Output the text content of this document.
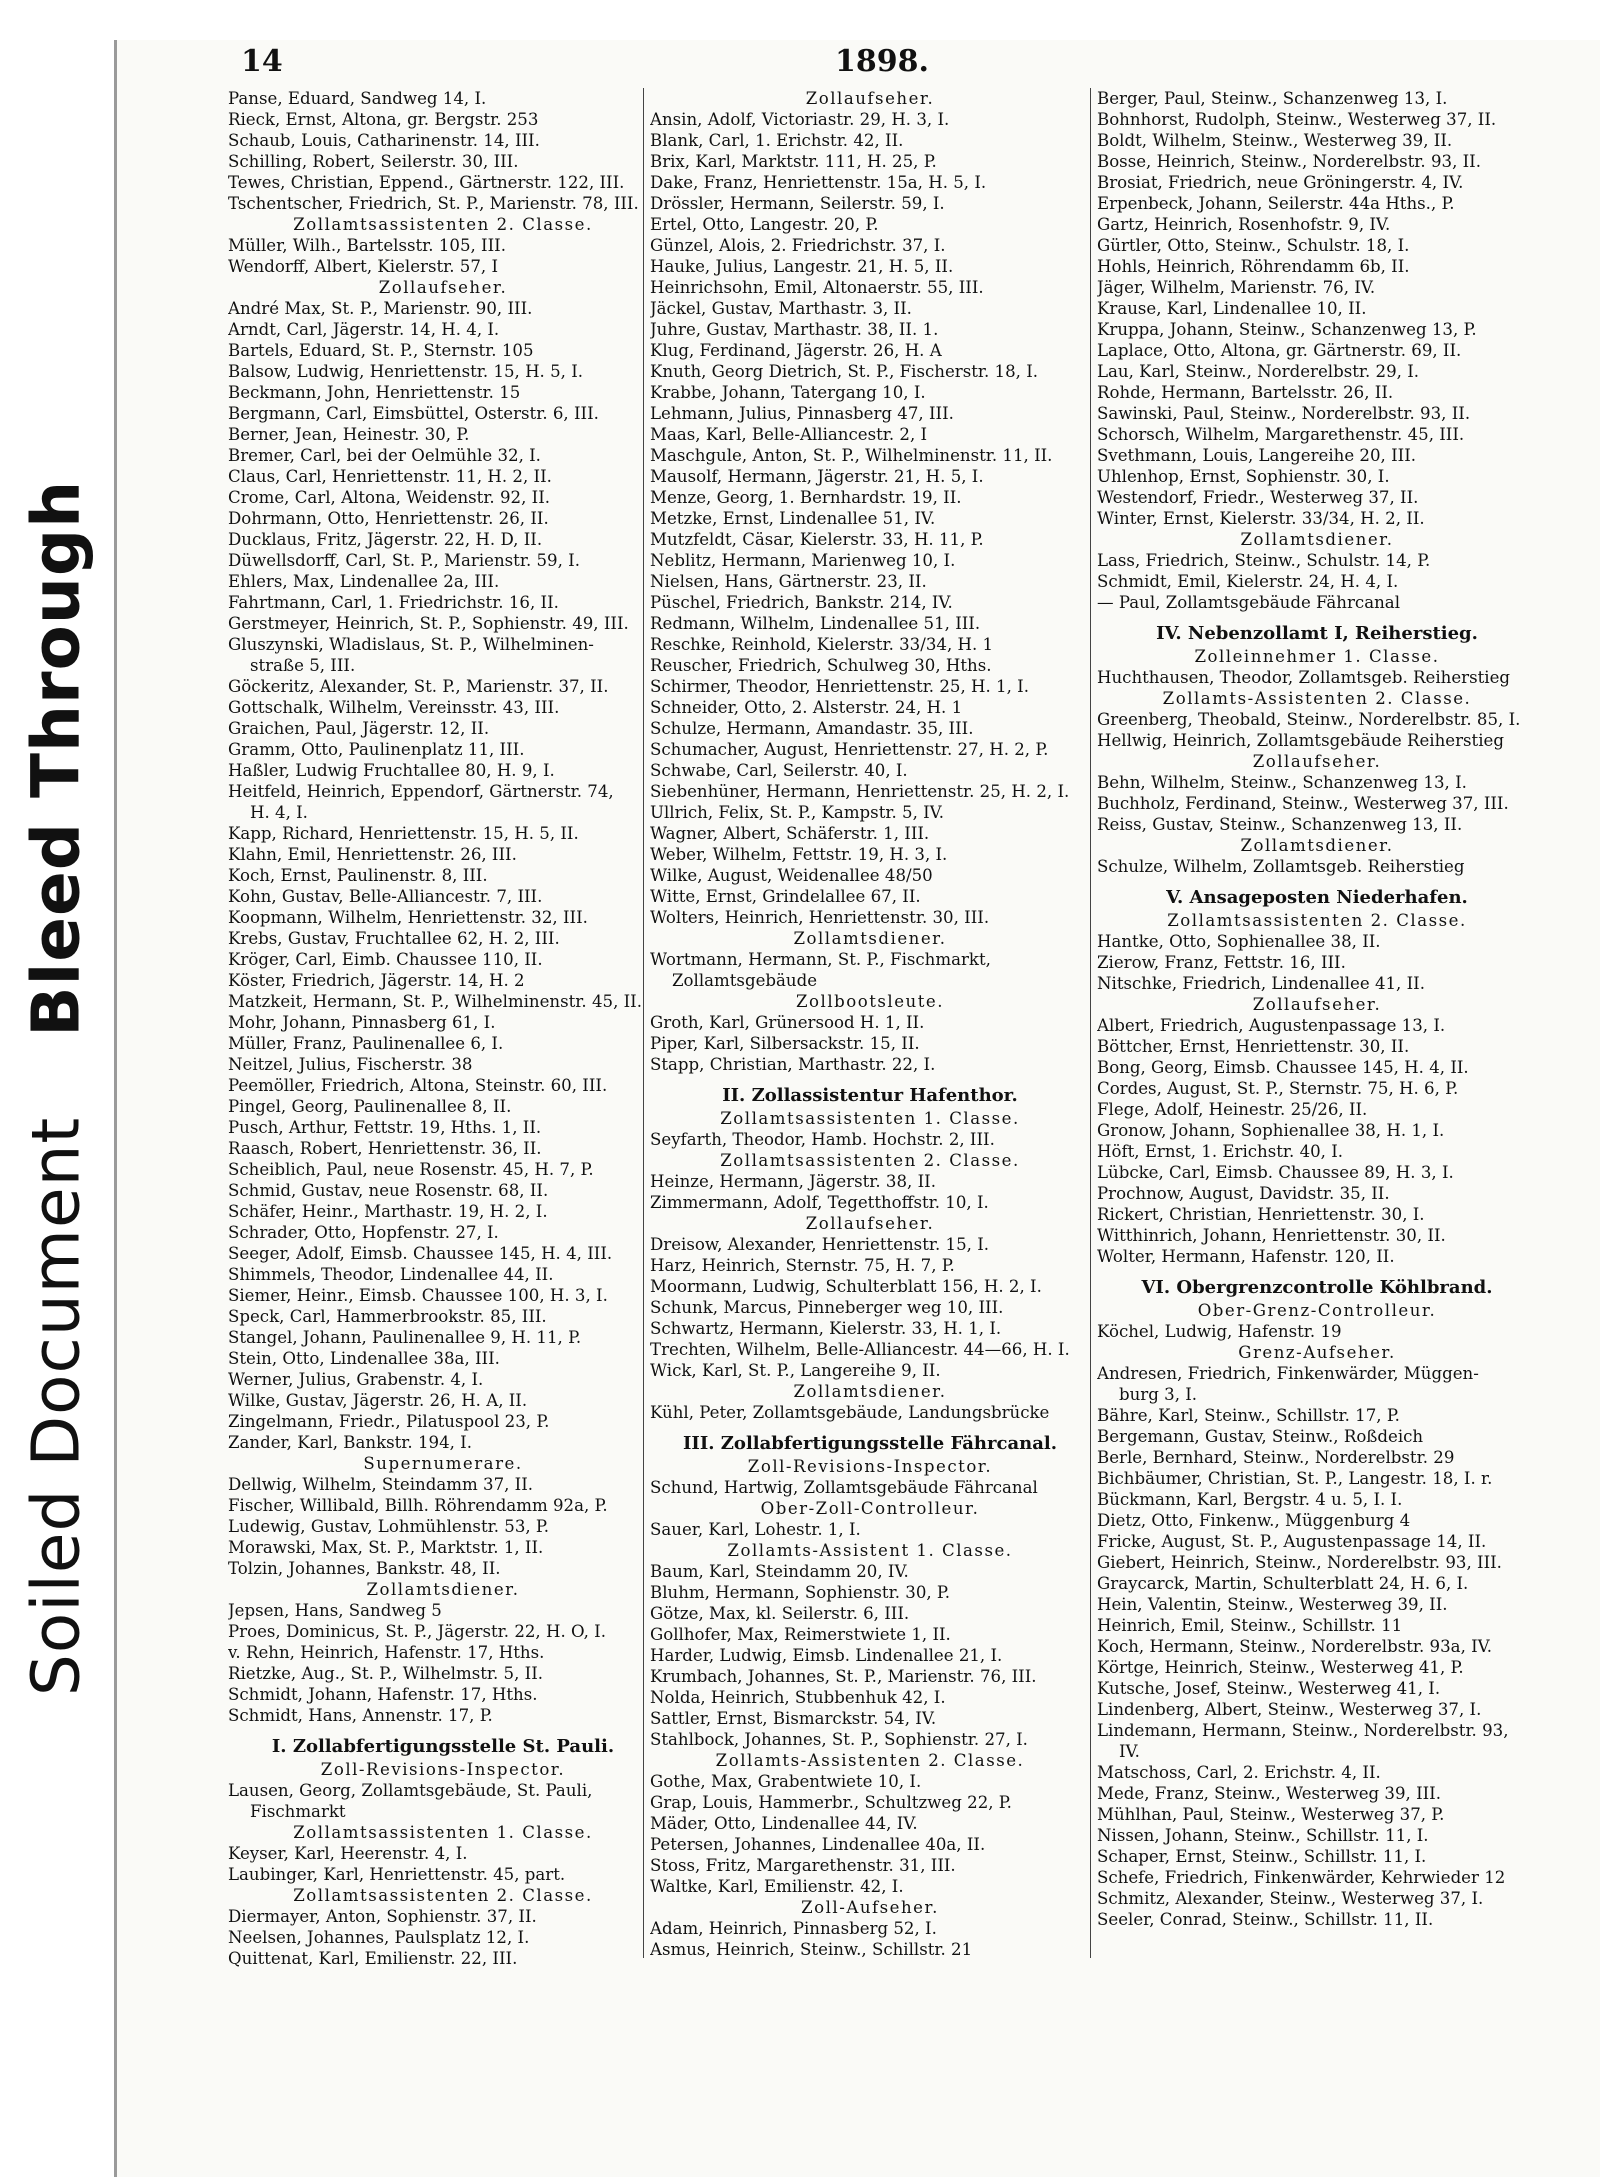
Soiled DocumentBleed Through
14	1898.
Panse, Eduard, Sandweg 14, I.
Rieck, Ernst, Altona, gr. Bergstr. 253
Schaub, Louis, Catharinenstr. 14, III.
Schilling, Robert, Seilerstr. 30, III.
Tewes, Christian, Eppend., Gärtnerstr. 122, III.
Tschentscher, Friedrich, St. P., Marienstr. 78, III.
Zollamtsassistenten 2. Classe.
Müller, Wilh., Bartelsstr. 105, III.
Wendorff, Albert, Kielerstr. 57, I
Zollaufseher.
André Max, St. P., Marienstr. 90, III.
Arndt, Carl, Jägerstr. 14, H. 4, I.
Bartels, Eduard, St. P., Sternstr. 105
Balsow, Ludwig, Henriettenstr. 15, H. 5, I.
Beckmann, John, Henriettenstr. 15
Bergmann, Carl, Eimsbüttel, Osterstr. 6, III.
Berner, Jean, Heinestr. 30, P.
Bremer, Carl, bei der Oelmühle 32, I.
Claus, Carl, Henriettenstr. 11, H. 2, II.
Crome, Carl, Altona, Weidenstr. 92, II.
Dohrmann, Otto, Henriettenstr. 26, II.
Ducklaus, Fritz, Jägerstr. 22, H. D, II.
Düwellsdorff, Carl, St. P., Marienstr. 59, I.
Ehlers, Max, Lindenallee 2a, III.
Fahrtmann, Carl, 1. Friedrichstr. 16, II.
Gerstmeyer, Heinrich, St. P., Sophienstr. 49, III.
Gluszynski, Wladislaus, St. P., Wilhelminen-
straße 5, III.
Göckeritz, Alexander, St. P., Marienstr. 37, II.
Gottschalk, Wilhelm, Vereinsstr. 43, III.
Graichen, Paul, Jägerstr. 12, II.
Gramm, Otto, Paulinenplatz 11, III.
Haßler, Ludwig Fruchtallee 80, H. 9, I.
Heitfeld, Heinrich, Eppendorf, Gärtnerstr. 74,
H. 4, I.
Kapp, Richard, Henriettenstr. 15, H. 5, II.
Klahn, Emil, Henriettenstr. 26, III.
Koch, Ernst, Paulinenstr. 8, III.
Kohn, Gustav, Belle-Alliancestr. 7, III.
Koopmann, Wilhelm, Henriettenstr. 32, III.
Krebs, Gustav, Fruchtallee 62, H. 2, III.
Kröger, Carl, Eimb. Chaussee 110, II.
Köster, Friedrich, Jägerstr. 14, H. 2
Matzkeit, Hermann, St. P., Wilhelminenstr. 45, II.
Mohr, Johann, Pinnasberg 61, I.
Müller, Franz, Paulinenallee 6, I.
Neitzel, Julius, Fischerstr. 38
Peemöller, Friedrich, Altona, Steinstr. 60, III.
Pingel, Georg, Paulinenallee 8, II.
Pusch, Arthur, Fettstr. 19, Hths. 1, II.
Raasch, Robert, Henriettenstr. 36, II.
Scheiblich, Paul, neue Rosenstr. 45, H. 7, P.
Schmid, Gustav, neue Rosenstr. 68, II.
Schäfer, Heinr., Marthastr. 19, H. 2, I.
Schrader, Otto, Hopfenstr. 27, I.
Seeger, Adolf, Eimsb. Chaussee 145, H. 4, III.
Shimmels, Theodor, Lindenallee 44, II.
Siemer, Heinr., Eimsb. Chaussee 100, H. 3, I.
Speck, Carl, Hammerbrookstr. 85, III.
Stangel, Johann, Paulinenallee 9, H. 11, P.
Stein, Otto, Lindenallee 38a, III.
Werner, Julius, Grabenstr. 4, I.
Wilke, Gustav, Jägerstr. 26, H. A, II.
Zingelmann, Friedr., Pilatuspool 23, P.
Zander, Karl, Bankstr. 194, I.
Supernumerare.
Dellwig, Wilhelm, Steindamm 37, II.
Fischer, Willibald, Billh. Röhrendamm 92a, P.
Ludewig, Gustav, Lohmühlenstr. 53, P.
Morawski, Max, St. P., Marktstr. 1, II.
Tolzin, Johannes, Bankstr. 48, II.
Zollamtsdiener.
Jepsen, Hans, Sandweg 5
Proes, Dominicus, St. P., Jägerstr. 22, H. O, I.
v. Rehn, Heinrich, Hafenstr. 17, Hths.
Rietzke, Aug., St. P., Wilhelmstr. 5, II.
Schmidt, Johann, Hafenstr. 17, Hths.
Schmidt, Hans, Annenstr. 17, P.
I. Zollabfertigungsstelle St. Pauli.
Zoll-Revisions-Inspector.
Lausen, Georg, Zollamtsgebäude, St. Pauli,
Fischmarkt
Zollamtsassistenten 1. Classe.
Keyser, Karl, Heerenstr. 4, I.
Laubinger, Karl, Henriettenstr. 45, part.
Zollamtsassistenten 2. Classe.
Diermayer, Anton, Sophienstr. 37, II.
Neelsen, Johannes, Paulsplatz 12, I.
Quittenat, Karl, Emilienstr. 22, III.
Zollaufseher.
Ansin, Adolf, Victoriastr. 29, H. 3, I.
Blank, Carl, 1. Erichstr. 42, II.
Brix, Karl, Marktstr. 111, H. 25, P.
Dake, Franz, Henriettenstr. 15a, H. 5, I.
Drössler, Hermann, Seilerstr. 59, I.
Ertel, Otto, Langestr. 20, P.
Günzel, Alois, 2. Friedrichstr. 37, I.
Hauke, Julius, Langestr. 21, H. 5, II.
Heinrichsohn, Emil, Altonaerstr. 55, III.
Jäckel, Gustav, Marthastr. 3, II.
Juhre, Gustav, Marthastr. 38, II. 1.
Klug, Ferdinand, Jägerstr. 26, H. A
Knuth, Georg Dietrich, St. P., Fischerstr. 18, I.
Krabbe, Johann, Tatergang 10, I.
Lehmann, Julius, Pinnasberg 47, III.
Maas, Karl, Belle-Alliancestr. 2, I
Maschgule, Anton, St. P., Wilhelminenstr. 11, II.
Mausolf, Hermann, Jägerstr. 21, H. 5, I.
Menze, Georg, 1. Bernhardstr. 19, II.
Metzke, Ernst, Lindenallee 51, IV.
Mutzfeldt, Cäsar, Kielerstr. 33, H. 11, P.
Neblitz, Hermann, Marienweg 10, I.
Nielsen, Hans, Gärtnerstr. 23, II.
Püschel, Friedrich, Bankstr. 214, IV.
Redmann, Wilhelm, Lindenallee 51, III.
Reschke, Reinhold, Kielerstr. 33/34, H. 1
Reuscher, Friedrich, Schulweg 30, Hths.
Schirmer, Theodor, Henriettenstr. 25, H. 1, I.
Schneider, Otto, 2. Alsterstr. 24, H. 1
Schulze, Hermann, Amandastr. 35, III.
Schumacher, August, Henriettenstr. 27, H. 2, P.
Schwabe, Carl, Seilerstr. 40, I.
Siebenhüner, Hermann, Henriettenstr. 25, H. 2, I.
Ullrich, Felix, St. P., Kampstr. 5, IV.
Wagner, Albert, Schäferstr. 1, III.
Weber, Wilhelm, Fettstr. 19, H. 3, I.
Wilke, August, Weidenallee 48/50
Witte, Ernst, Grindelallee 67, II.
Wolters, Heinrich, Henriettenstr. 30, III.
Zollamtsdiener.
Wortmann, Hermann, St. P., Fischmarkt,
Zollamtsgebäude
Zollbootsleute.
Groth, Karl, Grünersood H. 1, II.
Piper, Karl, Silbersackstr. 15, II.
Stapp, Christian, Marthastr. 22, I.
II. Zollassistentur Hafenthor.
Zollamtsassistenten 1. Classe.
Seyfarth, Theodor, Hamb. Hochstr. 2, III.
Zollamtsassistenten 2. Classe.
Heinze, Hermann, Jägerstr. 38, II.
Zimmermann, Adolf, Tegetthoffstr. 10, I.
Zollaufseher.
Dreisow, Alexander, Henriettenstr. 15, I.
Harz, Heinrich, Sternstr. 75, H. 7, P.
Moormann, Ludwig, Schulterblatt 156, H. 2, I.
Schunk, Marcus, Pinneberger weg 10, III.
Schwartz, Hermann, Kielerstr. 33, H. 1, I.
Trechten, Wilhelm, Belle-Alliancestr. 44—66, H. I.
Wick, Karl, St. P., Langereihe 9, II.
Zollamtsdiener.
Kühl, Peter, Zollamtsgebäude, Landungsbrücke
III. Zollabfertigungsstelle Fährcanal.
Zoll-Revisions-Inspector.
Schund, Hartwig, Zollamtsgebäude Fährcanal
Ober-Zoll-Controlleur.
Sauer, Karl, Lohestr. 1, I.
Zollamts-Assistent 1. Classe.
Baum, Karl, Steindamm 20, IV.
Bluhm, Hermann, Sophienstr. 30, P.
Götze, Max, kl. Seilerstr. 6, III.
Gollhofer, Max, Reimerstwiete 1, II.
Harder, Ludwig, Eimsb. Lindenallee 21, I.
Krumbach, Johannes, St. P., Marienstr. 76, III.
Nolda, Heinrich, Stubbenhuk 42, I.
Sattler, Ernst, Bismarckstr. 54, IV.
Stahlbock, Johannes, St. P., Sophienstr. 27, I.
Zollamts-Assistenten 2. Classe.
Gothe, Max, Grabentwiete 10, I.
Grap, Louis, Hammerbr., Schultzweg 22, P.
Mäder, Otto, Lindenallee 44, IV.
Petersen, Johannes, Lindenallee 40a, II.
Stoss, Fritz, Margarethenstr. 31, III.
Waltke, Karl, Emilienstr. 42, I.
Zoll-Aufseher.
Adam, Heinrich, Pinnasberg 52, I.
Asmus, Heinrich, Steinw., Schillstr. 21
Berger, Paul, Steinw., Schanzenweg 13, I.
Bohnhorst, Rudolph, Steinw., Westerweg 37, II.
Boldt, Wilhelm, Steinw., Westerweg 39, II.
Bosse, Heinrich, Steinw., Norderelbstr. 93, II.
Brosiat, Friedrich, neue Gröningerstr. 4, IV.
Erpenbeck, Johann, Seilerstr. 44a Hths., P.
Gartz, Heinrich, Rosenhofstr. 9, IV.
Gürtler, Otto, Steinw., Schulstr. 18, I.
Hohls, Heinrich, Röhrendamm 6b, II.
Jäger, Wilhelm, Marienstr. 76, IV.
Krause, Karl, Lindenallee 10, II.
Kruppa, Johann, Steinw., Schanzenweg 13, P.
Laplace, Otto, Altona, gr. Gärtnerstr. 69, II.
Lau, Karl, Steinw., Norderelbstr. 29, I.
Rohde, Hermann, Bartelsstr. 26, II.
Sawinski, Paul, Steinw., Norderelbstr. 93, II.
Schorsch, Wilhelm, Margarethenstr. 45, III.
Svethmann, Louis, Langereihe 20, III.
Uhlenhop, Ernst, Sophienstr. 30, I.
Westendorf, Friedr., Westerweg 37, II.
Winter, Ernst, Kielerstr. 33/34, H. 2, II.
Zollamtsdiener.
Lass, Friedrich, Steinw., Schulstr. 14, P.
Schmidt, Emil, Kielerstr. 24, H. 4, I.
— Paul, Zollamtsgebäude Fährcanal
IV. Nebenzollamt I, Reiherstieg.
Zolleinnehmer 1. Classe.
Huchthausen, Theodor, Zollamtsgeb. Reiherstieg
Zollamts-Assistenten 2. Classe.
Greenberg, Theobald, Steinw., Norderelbstr. 85, I.
Hellwig, Heinrich, Zollamtsgebäude Reiherstieg
Zollaufseher.
Behn, Wilhelm, Steinw., Schanzenweg 13, I.
Buchholz, Ferdinand, Steinw., Westerweg 37, III.
Reiss, Gustav, Steinw., Schanzenweg 13, II.
Zollamtsdiener.
Schulze, Wilhelm, Zollamtsgeb. Reiherstieg
V. Ansageposten Niederhafen.
Zollamtsassistenten 2. Classe.
Hantke, Otto, Sophienallee 38, II.
Zierow, Franz, Fettstr. 16, III.
Nitschke, Friedrich, Lindenallee 41, II.
Zollaufseher.
Albert, Friedrich, Augustenpassage 13, I.
Böttcher, Ernst, Henriettenstr. 30, II.
Bong, Georg, Eimsb. Chaussee 145, H. 4, II.
Cordes, August, St. P., Sternstr. 75, H. 6, P.
Flege, Adolf, Heinestr. 25/26, II.
Gronow, Johann, Sophienallee 38, H. 1, I.
Höft, Ernst, 1. Erichstr. 40, I.
Lübcke, Carl, Eimsb. Chaussee 89, H. 3, I.
Prochnow, August, Davidstr. 35, II.
Rickert, Christian, Henriettenstr. 30, I.
Witthinrich, Johann, Henriettenstr. 30, II.
Wolter, Hermann, Hafenstr. 120, II.
VI. Obergrenzcontrolle Köhlbrand.
Ober-Grenz-Controlleur.
Köchel, Ludwig, Hafenstr. 19
Grenz-Aufseher.
Andresen, Friedrich, Finkenwärder, Müggen-
burg 3, I.
Bähre, Karl, Steinw., Schillstr. 17, P.
Bergemann, Gustav, Steinw., Roßdeich
Berle, Bernhard, Steinw., Norderelbstr. 29
Bichbäumer, Christian, St. P., Langestr. 18, I. r.
Bückmann, Karl, Bergstr. 4 u. 5, I. I.
Dietz, Otto, Finkenw., Müggenburg 4
Fricke, August, St. P., Augustenpassage 14, II.
Giebert, Heinrich, Steinw., Norderelbstr. 93, III.
Graycarck, Martin, Schulterblatt 24, H. 6, I.
Hein, Valentin, Steinw., Westerweg 39, II.
Heinrich, Emil, Steinw., Schillstr. 11
Koch, Hermann, Steinw., Norderelbstr. 93a, IV.
Körtge, Heinrich, Steinw., Westerweg 41, P.
Kutsche, Josef, Steinw., Westerweg 41, I.
Lindenberg, Albert, Steinw., Westerweg 37, I.
Lindemann, Hermann, Steinw., Norderelbstr. 93,
IV.
Matschoss, Carl, 2. Erichstr. 4, II.
Mede, Franz, Steinw., Westerweg 39, III.
Mühlhan, Paul, Steinw., Westerweg 37, P.
Nissen, Johann, Steinw., Schillstr. 11, I.
Schaper, Ernst, Steinw., Schillstr. 11, I.
Schefe, Friedrich, Finkenwärder, Kehrwieder 12
Schmitz, Alexander, Steinw., Westerweg 37, I.
Seeler, Conrad, Steinw., Schillstr. 11, II.
